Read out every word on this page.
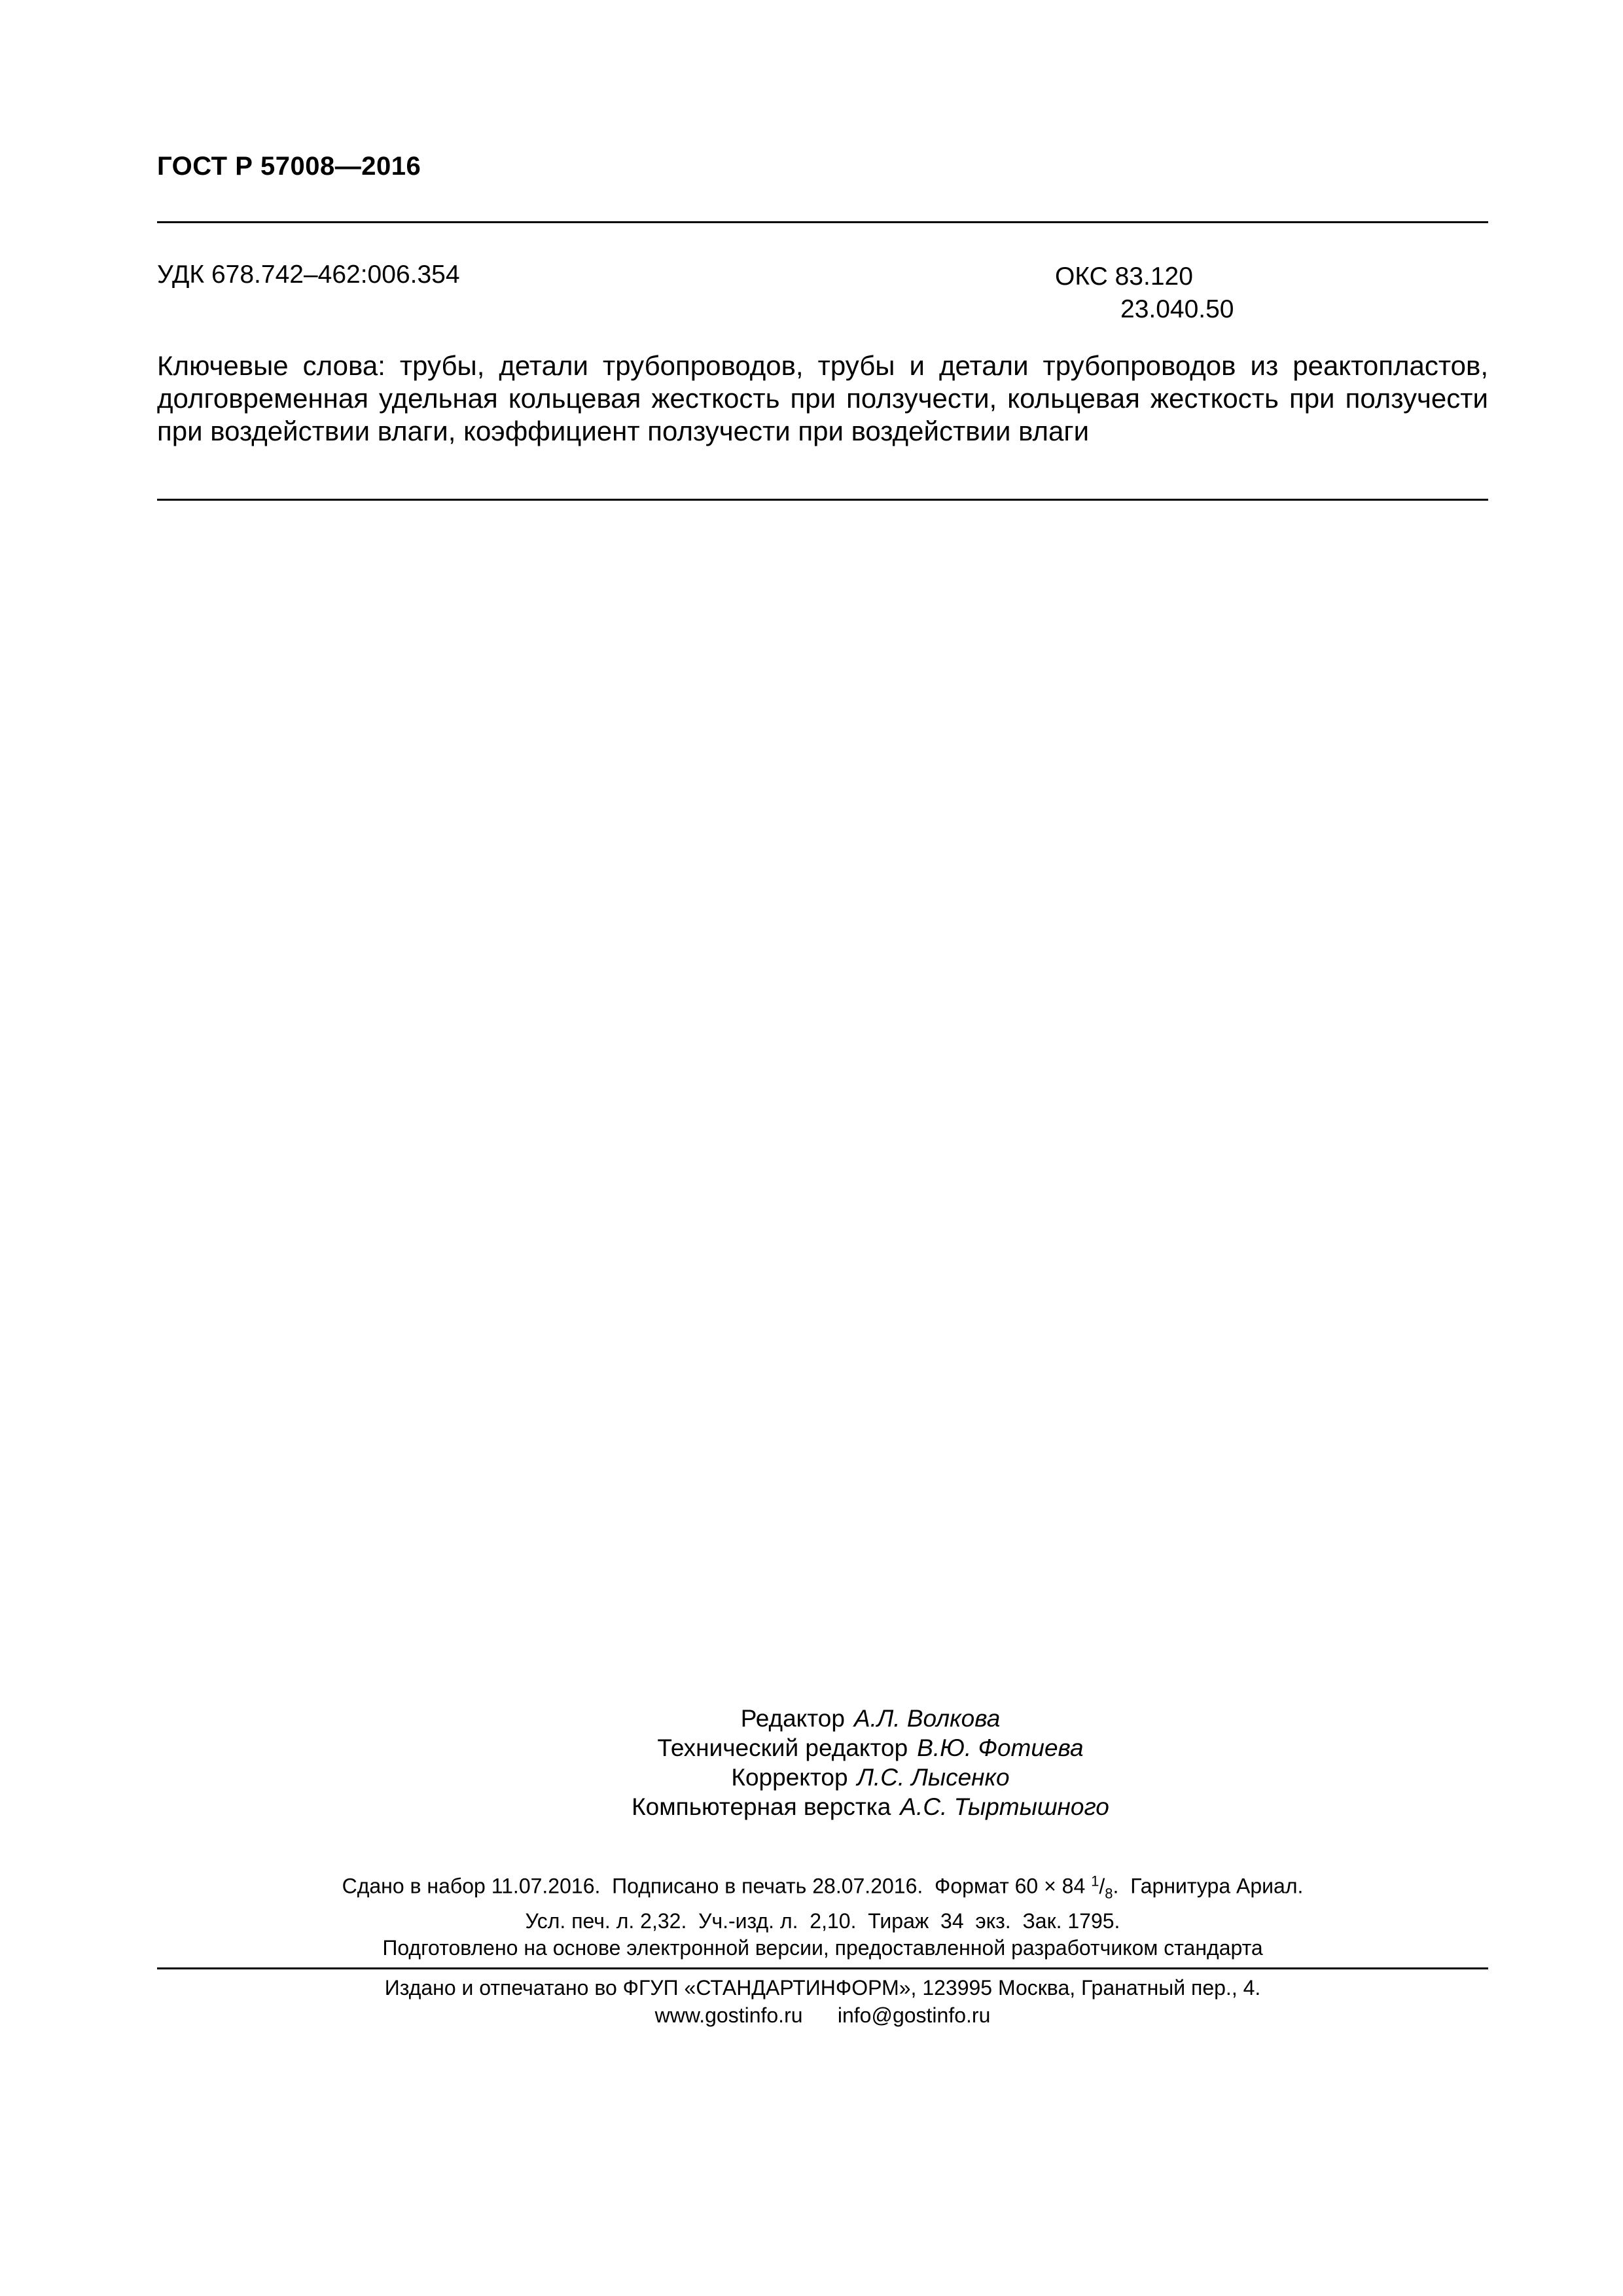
ГОСТ Р 57008—2016
УДК 678.742–462:006.354	ОКС 83.120
23.040.50
Ключевые слова: трубы, детали трубопроводов, трубы и детали трубопроводов из реактопластов, долговременная удельная кольцевая жесткость при ползучести, кольцевая жесткость при ползучести при воздействии влаги, коэффициент ползучести при воздействии влаги
Редактор А.Л. Волкова
Технический редактор В.Ю. Фотиева
Корректор Л.С. Лысенко
Компьютерная верстка А.С. Тыртышного
Сдано в набор 11.07.2016.  Подписано в печать 28.07.2016.  Формат 60 × 84 $^1/_8$.  Гарнитура Ариал.
Усл. печ. л. 2,32.  Уч.-изд. л.  2,10.  Тираж  34  экз.  Зак. 1795.
Подготовлено на основе электронной версии, предоставленной разработчиком стандарта
Издано и отпечатано во ФГУП «СТАНДАРТИНФОРМ», 123995 Москва, Гранатный пер., 4.
www.gostinfo.ru info@gostinfo.ru
